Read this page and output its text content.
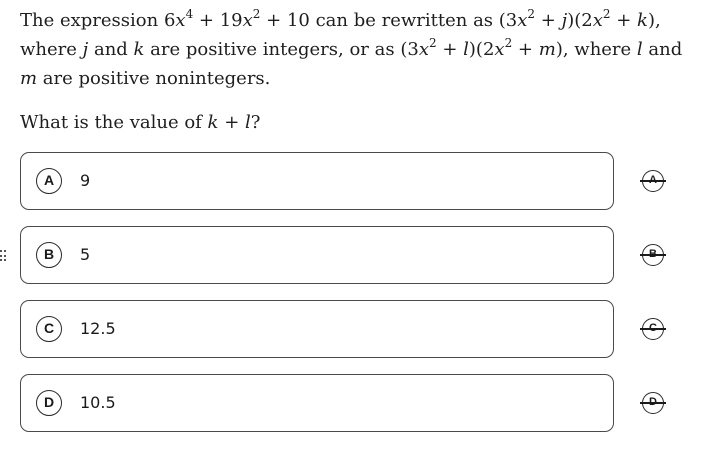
The expression $6x^4 + 19x^2 + 10$ can be rewritten as $(3x^2 + j)(2x^2 + k)$,
where j and k are positive integers, or as $(3x^2 + l)(2x^2 + m)$, where l and
m are positive nonintegers.
What is the value of k + l?
A	9
B	5
C	12.5
D	10.5
